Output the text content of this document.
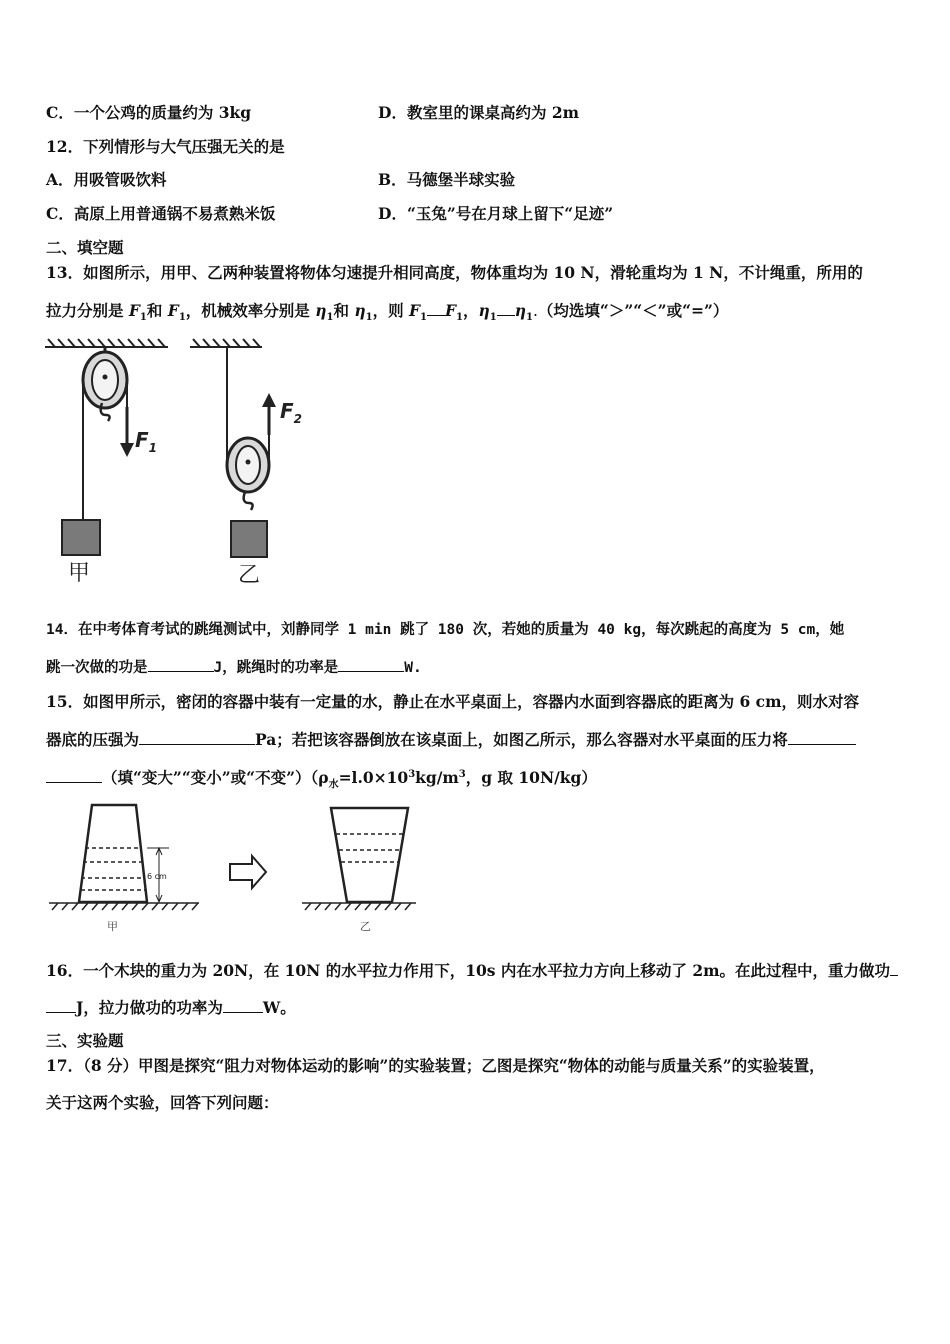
C．一个公鸡的质量约为 3kg	D．教室里的课桌高约为 2m
12．下列情形与大气压强无关的是
A．用吸管吸饮料	B．马德堡半球实验
C．高原上用普通锅不易煮熟米饭	D．“玉兔”号在月球上留下“足迹”
二、填空题
13．如图所示，用甲、乙两种装置将物体匀速提升相同高度，物体重均为 10 N，滑轮重均为 1 N，不计绳重，所用的
拉力分别是 $F_1$和 $F_1$，机械效率分别是 $\eta_1$和 $\eta_1$，则 $F_1$ $F_1$，$\eta_1$ $\eta_1$.（均选填“＞”“＜”或“=”）
$F_1$
甲
$F_2$
乙
14．在中考体育考试的跳绳测试中，刘静同学 1 min 跳了 180 次，若她的质量为 40 kg，每次跳起的高度为 5 cm，她
跳一次做的功是	J，跳绳时的功率是	W.
15．如图甲所示，密闭的容器中装有一定量的水，静止在水平桌面上，容器内水面到容器底的距离为 6 cm，则水对容
器底的压强为	Pa；若把该容器倒放在该桌面上，如图乙所示，那么容器对水平桌面的压力将
（填“变大”“变小”或“不变$”)(\rho_水=l.0\times 10^3kg/m^3$，g 取 10N/kg）
6 cm
甲	乙
16．一个木块的重力为 20N，在 10N 的水平拉力作用下，10s 内在水平拉力方向上移动了 2m。在此过程中，重力做功
J，拉力做功的功率为	W。
三、实验题
17．（8 分）甲图是探究“阻力对物体运动的影响”的实验装置；乙图是探究“物体的动能与质量关系”的实验装置，
关于这两个实验，回答下列问题：
